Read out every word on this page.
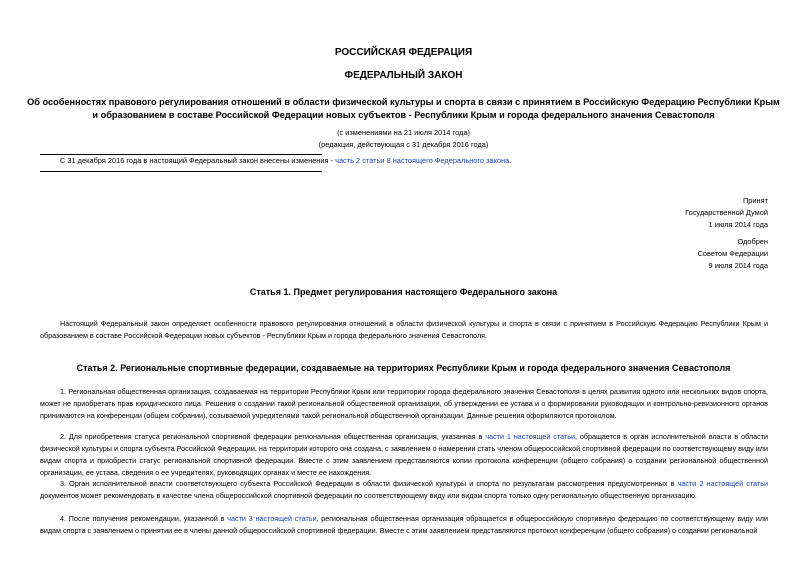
РОССИЙСКАЯ ФЕДЕРАЦИЯ
ФЕДЕРАЛЬНЫЙ ЗАКОН
Об особенностях правового регулирования отношений в области физической культуры и спорта в связи с принятием в Российскую Федерацию Республики Крым
и образованием в составе Российской Федерации новых субъектов - Республики Крым и города федерального значения Севастополя
(с изменениями на 21 июля 2014 года)
(редакция, действующая с 31 декабря 2016 года)
С 31 декабря 2016 года в настоящий Федеральный закон внесены изменения - часть 2 статьи 8 настоящего Федерального закона.
Принят
Государственной Думой
1 июля 2014 года
Одобрен
Советом Федерации
9 июля 2014 года
Статья 1. Предмет регулирования настоящего Федерального закона
Настоящий Федеральный закон определяет особенности правового регулирования отношений в области физической культуры и спорта в связи с принятием в Российскую Федерацию Республики Крым и образованием в составе Российской Федерации новых субъектов - Республики Крым и города федерального значения Севастополя.
Статья 2. Региональные спортивные федерации, создаваемые на территориях Республики Крым и города федерального значения Севастополя
1. Региональная общественная организация, создаваемая на территории Республики Крым или территории города федерального значения Севастополя в целях развития одного или нескольких видов спорта, может не приобретать прав юридического лица. Решения о создании такой региональной общественной организации, об утверждении ее устава и о формировании руководящих и контрольно-ревизионного органов принимаются на конференции (общем собрании), созываемой учредителями такой региональной общественной организации. Данные решения оформляются протоколом.
2. Для приобретения статуса региональной спортивной федерации региональная общественная организация, указанная в части 1 настоящей статьи, обращается в орган исполнительной власти в области физической культуры и спорта субъекта Российской Федерации, на территории которого она создана, с заявлением о намерении стать членом общероссийской спортивной федерации по соответствующему виду или видам спорта и приобрести статус региональной спортивной федерации. Вместе с этим заявлением представляются копии протокола конференции (общего собрания) о создании региональной общественной организации, ее устава, сведения о ее учредителях, руководящих органах и месте ее нахождения.
3. Орган исполнительной власти соответствующего субъекта Российской Федерации в области физической культуры и спорта по результатам рассмотрения предусмотренных в части 2 настоящей статьи документов может рекомендовать в качестве члена общероссийской спортивной федерации по соответствующему виду или видам спорта только одну региональную общественную организацию.
4. После получения рекомендации, указанной в части 3 настоящей статьи, региональная общественная организация обращается в общероссийскую спортивную федерацию по соответствующему виду или видам спорта с заявлением о принятии ее в члены данной общероссийской спортивной федерации. Вместе с этим заявлением представляются протокол конференции (общего собрания) о создании региональной
